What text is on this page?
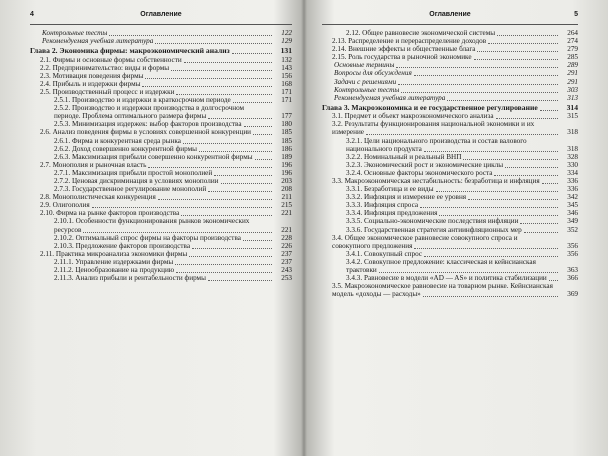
4	Оглавление
Контрольные тесты	122
Рекомендуемая учебная литература	129
Глава 2. Экономика фирмы: макроэкономический анализ	131
2.1. Фирмы и основные формы собственности	132
2.2. Предпринимательство: виды и формы	143
2.3. Мотивация поведения фирмы	156
2.4. Прибыль и издержки фирмы	168
2.5. Производственный процесс и издержки	171
2.5.1. Производство и издержки в краткосрочном периоде	171
2.5.2. Производство и издержки производства в долгосрочном периоде. Проблема оптимального размера фирмы	177
2.5.3. Минимизация издержек: выбор факторов производства	180
2.6. Анализ поведения фирмы в условиях совершенной конкуренции	185
2.6.1. Фирма и конкурентная среда рынка	185
2.6.2. Доход совершенно конкурентной фирмы	186
2.6.3. Максимизация прибыли совершенно конкурентной фирмы	189
2.7. Монополия и рыночная власть	196
2.7.1. Максимизация прибыли простой монополией	196
2.7.2. Ценовая дискриминация в условиях монополии	203
2.7.3. Государственное регулирование монополий	208
2.8. Монополистическая конкуренция	211
2.9. Олигополия	215
2.10. Фирма на рынке факторов производства	221
2.10.1. Особенности функционирования рынков экономических ресурсов	221
2.10.2. Оптимальный спрос фирмы на факторы производства	228
2.10.3. Предложение факторов производства	226
2.11. Практика микроанализа экономики фирмы	237
2.11.1. Управление издержками фирмы	237
2.11.2. Ценообразование на продукцию	243
2.11.3. Анализ прибыли и рентабельности фирмы	253
Оглавление	5
2.12. Общее равновесие экономической системы	264
2.13. Распределение и перераспределение доходов	274
2.14. Внешние эффекты и общественные блага	279
2.15. Роль государства в рыночной экономике	285
Основные термины	289
Вопросы для обсуждения	291
Задачи с решениями	291
Контрольные тесты	303
Рекомендуемая учебная литература	313
Глава 3. Макроэкономика и ее государственное регулирование	314
3.1. Предмет и объект макроэкономического анализа	315
3.2. Результаты функционирования национальной экономики и их измерение	318
3.2.1. Цели национального производства и состав валового национального продукта	318
3.2.2. Номинальный и реальный ВНП	328
3.2.3. Экономический рост и экономические циклы	330
3.2.4. Основные факторы экономического роста	334
3.3. Макроэкономическая нестабильность: безработица и инфляция	336
3.3.1. Безработица и ее виды	336
3.3.2. Инфляция и измерение ее уровня	342
3.3.3. Инфляция спроса	345
3.3.4. Инфляция предложения	346
3.3.5. Социально-экономические последствия инфляции	349
3.3.6. Государственная стратегия антиинфляционных мер	352
3.4. Общее экономическое равновесие совокупного спроса и совокупного предложения	356
3.4.1. Совокупный спрос	356
3.4.2. Совокупное предложение: классическая и кейнсианская трактовки	363
3.4.3. Равновесие в модели «AD — AS» и политика стабилизации	366
3.5. Макроэкономическое равновесие на товарном рынке. Кейнсианская модель «доходы — расходы»	369
